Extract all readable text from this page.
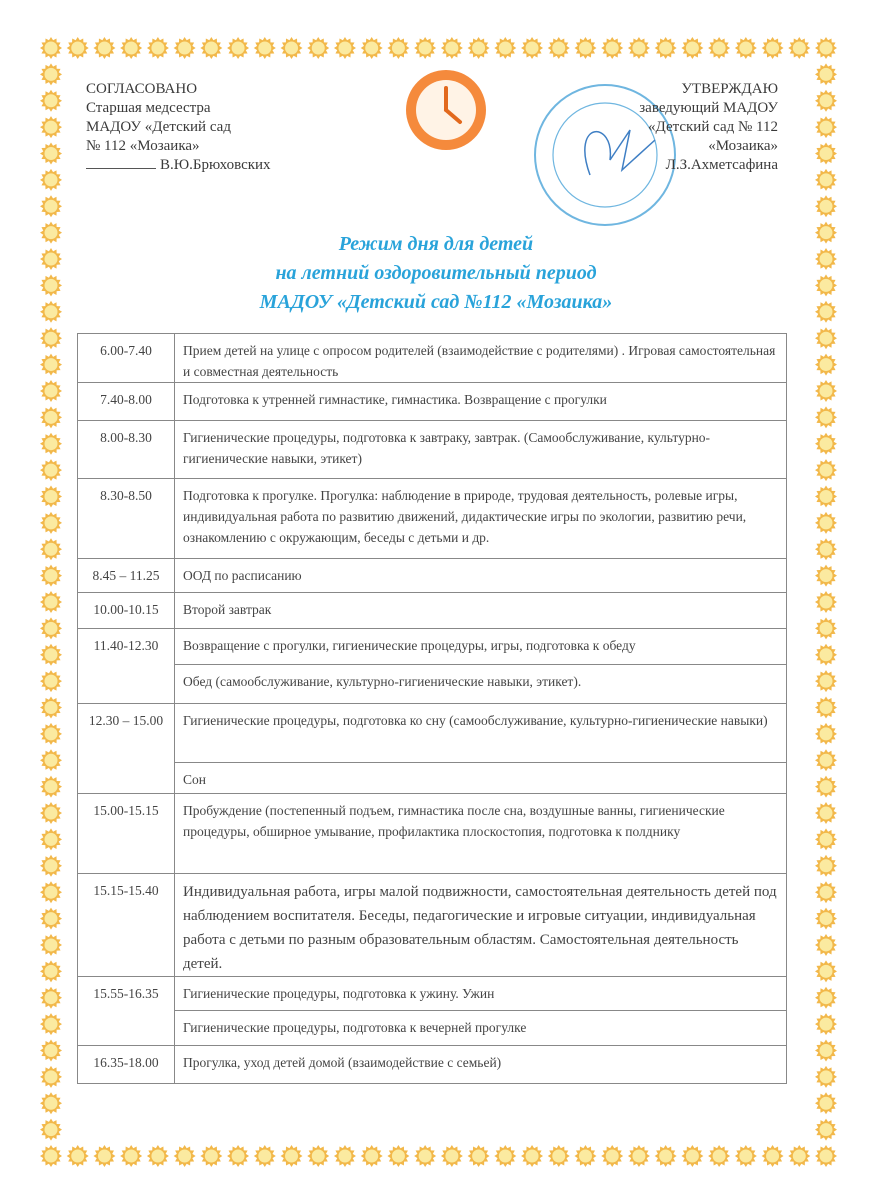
СОГЛАСОВАНО
Старшая медсестра
МАДОУ «Детский сад
№ 112 «Мозаика»
В.Ю.Брюховских
УТВЕРЖДАЮ
заведующий МАДОУ
«Детский сад № 112
«Мозаика»
Л.З.Ахметсафина
Режим дня для детей
на летний оздоровительный период
МАДОУ «Детский сад №112 «Мозаика»
6.00-7.40	Прием детей на улице с опросом родителей (взаимодействие с родителями) . Игровая самостоятельная и совместная деятельность
7.40-8.00	Подготовка к утренней гимнастике, гимнастика. Возвращение с прогулки
8.00-8.30	Гигиенические процедуры, подготовка к завтраку, завтрак. (Самообслуживание, культурно-гигиенические навыки, этикет)
8.30-8.50	Подготовка к прогулке. Прогулка: наблюдение в природе, трудовая деятельность, ролевые игры, индивидуальная работа по развитию движений, дидактические игры по экологии, развитию речи, ознакомлению с окружающим, беседы с детьми и др.
8.45 – 11.25	ООД по расписанию
10.00-10.15	Второй завтрак
11.40-12.30	Возвращение с прогулки, гигиенические процедуры, игры, подготовка к обеду
	Обед (самообслуживание, культурно-гигиенические навыки, этикет).
12.30 – 15.00	Гигиенические процедуры, подготовка ко сну (самообслуживание, культурно-гигиенические навыки)
	Сон
15.00-15.15	Пробуждение (постепенный подъем, гимнастика после сна, воздушные ванны, гигиенические процедуры, обширное умывание, профилактика плоскостопия, подготовка к полднику
15.15-15.40	Индивидуальная работа, игры малой подвижности, самостоятельная деятельность детей под наблюдением воспитателя. Беседы, педагогические и игровые ситуации, индивидуальная работа с детьми по разным образовательным областям. Самостоятельная деятельность детей.
15.55-16.35	Гигиенические процедуры, подготовка к ужину. Ужин
	Гигиенические процедуры, подготовка к вечерней прогулке
16.35-18.00	Прогулка, уход детей домой (взаимодействие с семьей)
